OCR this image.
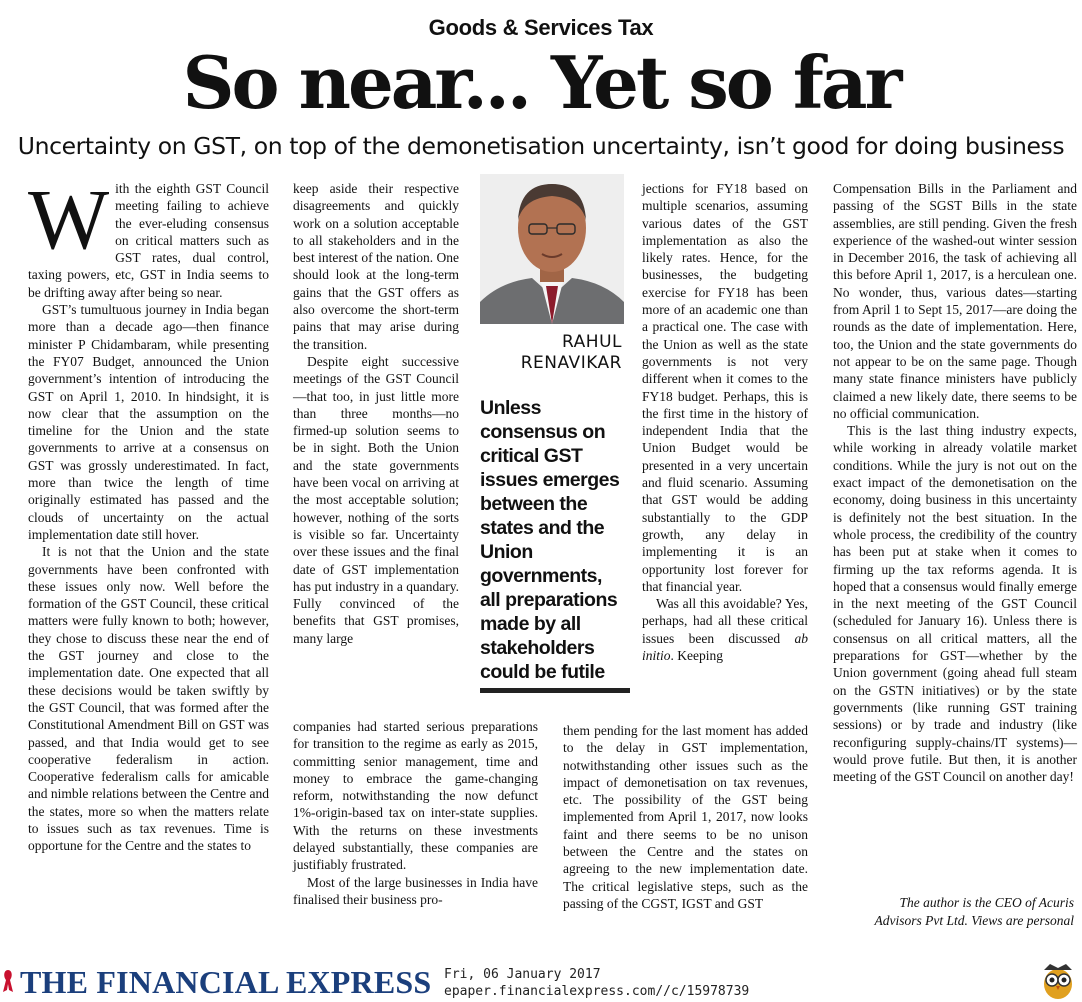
Goods & Services Tax
So near... Yet so far
Uncertainty on GST, on top of the demonetisation uncertainty, isn’t good for doing business

With the eighth GST Council meeting failing to achieve the ever-eluding consensus on critical matters such as GST rates, dual control, taxing powers, etc, GST in India seems to be drifting away after being so near.

GST’s tumultuous journey in India began more than a decade ago—then finance minister P Chidambaram, while presenting the FY07 Budget, announced the Union government’s intention of introducing the GST on April 1, 2010. In hindsight, it is now clear that the assumption on the timeline for the Union and the state governments to arrive at a consensus on GST was grossly underestimated. In fact, more than twice the length of time originally estimated has passed and the clouds of uncertainty on the actual implementation date still hover.

It is not that the Union and the state governments have been confronted with these issues only now. Well before the formation of the GST Council, these critical matters were fully known to both; however, they chose to discuss these near the end of the GST journey and close to the implementation date. One expected that all these decisions would be taken swiftly by the GST Council, that was formed after the Constitutional Amendment Bill on GST was passed, and that India would get to see cooperative federalism in action. Cooperative federalism calls for amicable and nimble relations between the Centre and the states, more so when the matters relate to issues such as tax revenues. Time is opportune for the Centre and the states to

keep aside their respective disagreements and quickly work on a solution acceptable to all stakeholders and in the best interest of the nation. One should look at the long-term gains that the GST offers as also overcome the short-term pains that may arise during the transition.

Despite eight successive meetings of the GST Council—that too, in just little more than three months—no firmed-up solution seems to be in sight. Both the Union and the state governments have been vocal on arriving at the most acceptable solution; however, nothing of the sorts is visible so far. Uncertainty over these issues and the final date of GST implementation has put industry in a quandary. Fully convinced of the benefits that GST promises, many large

companies had started serious preparations for transition to the regime as early as 2015, committing senior management, time and money to embrace the game-changing reform, notwithstanding the now defunct 1%-origin-based tax on inter-state supplies. With the returns on these investments delayed substantially, these companies are justifiably frustrated.

Most of the large businesses in India have finalised their business pro-

RAHUL
RENAVIKAR
Unless consensus on critical GST issues emerges between the states and the Union governments, all preparations made by all stakeholders could be futile

jections for FY18 based on multiple scenarios, assuming various dates of the GST implementation as also the likely rates. Hence, for the businesses, the budgeting exercise for FY18 has been more of an academic one than a practical one. The case with the Union as well as the state governments is not very different when it comes to the FY18 budget. Perhaps, this is the first time in the history of independent India that the Union Budget would be presented in a very uncertain and fluid scenario. Assuming that GST would be adding substantially to the GDP growth, any delay in implementing it is an opportunity lost forever for that financial year.

Was all this avoidable? Yes, perhaps, had all these critical issues been discussed ab initio. Keeping

them pending for the last moment has added to the delay in GST implementation, notwithstanding other issues such as the impact of demonetisation on tax revenues, etc. The possibility of the GST being implemented from April 1, 2017, now looks faint and there seems to be no unison between the Centre and the states on agreeing to the new implementation date. The critical legislative steps, such as the passing of the CGST, IGST and GST

Compensation Bills in the Parliament and passing of the SGST Bills in the state assemblies, are still pending. Given the fresh experience of the washed-out winter session in December 2016, the task of achieving all this before April 1, 2017, is a herculean one. No wonder, thus, various dates—starting from April 1 to Sept 15, 2017—are doing the rounds as the date of implementation. Here, too, the Union and the state governments do not appear to be on the same page. Though many state finance ministers have publicly claimed a new likely date, there seems to be no official communication.

This is the last thing industry expects, while working in already volatile market conditions. While the jury is not out on the exact impact of the demonetisation on the economy, doing business in this uncertainty is definitely not the best situation. In the whole process, the credibility of the country has been put at stake when it comes to firming up the tax reforms agenda. It is hoped that a consensus would finally emerge in the next meeting of the GST Council (scheduled for January 16). Unless there is consensus on all critical matters, all the preparations for GST—whether by the Union government (going ahead full steam on the GSTN initiatives) or by the state governments (like running GST training sessions) or by trade and industry (like reconfiguring supply-chains/IT systems)—would prove futile. But then, it is another meeting of the GST Council on another day!

The author is the CEO of Acuris
Advisors Pvt Ltd. Views are personal
THE FINANCIAL EXPRESS Fri, 06 January 2017
epaper.financialexpress.com//c/15978739
